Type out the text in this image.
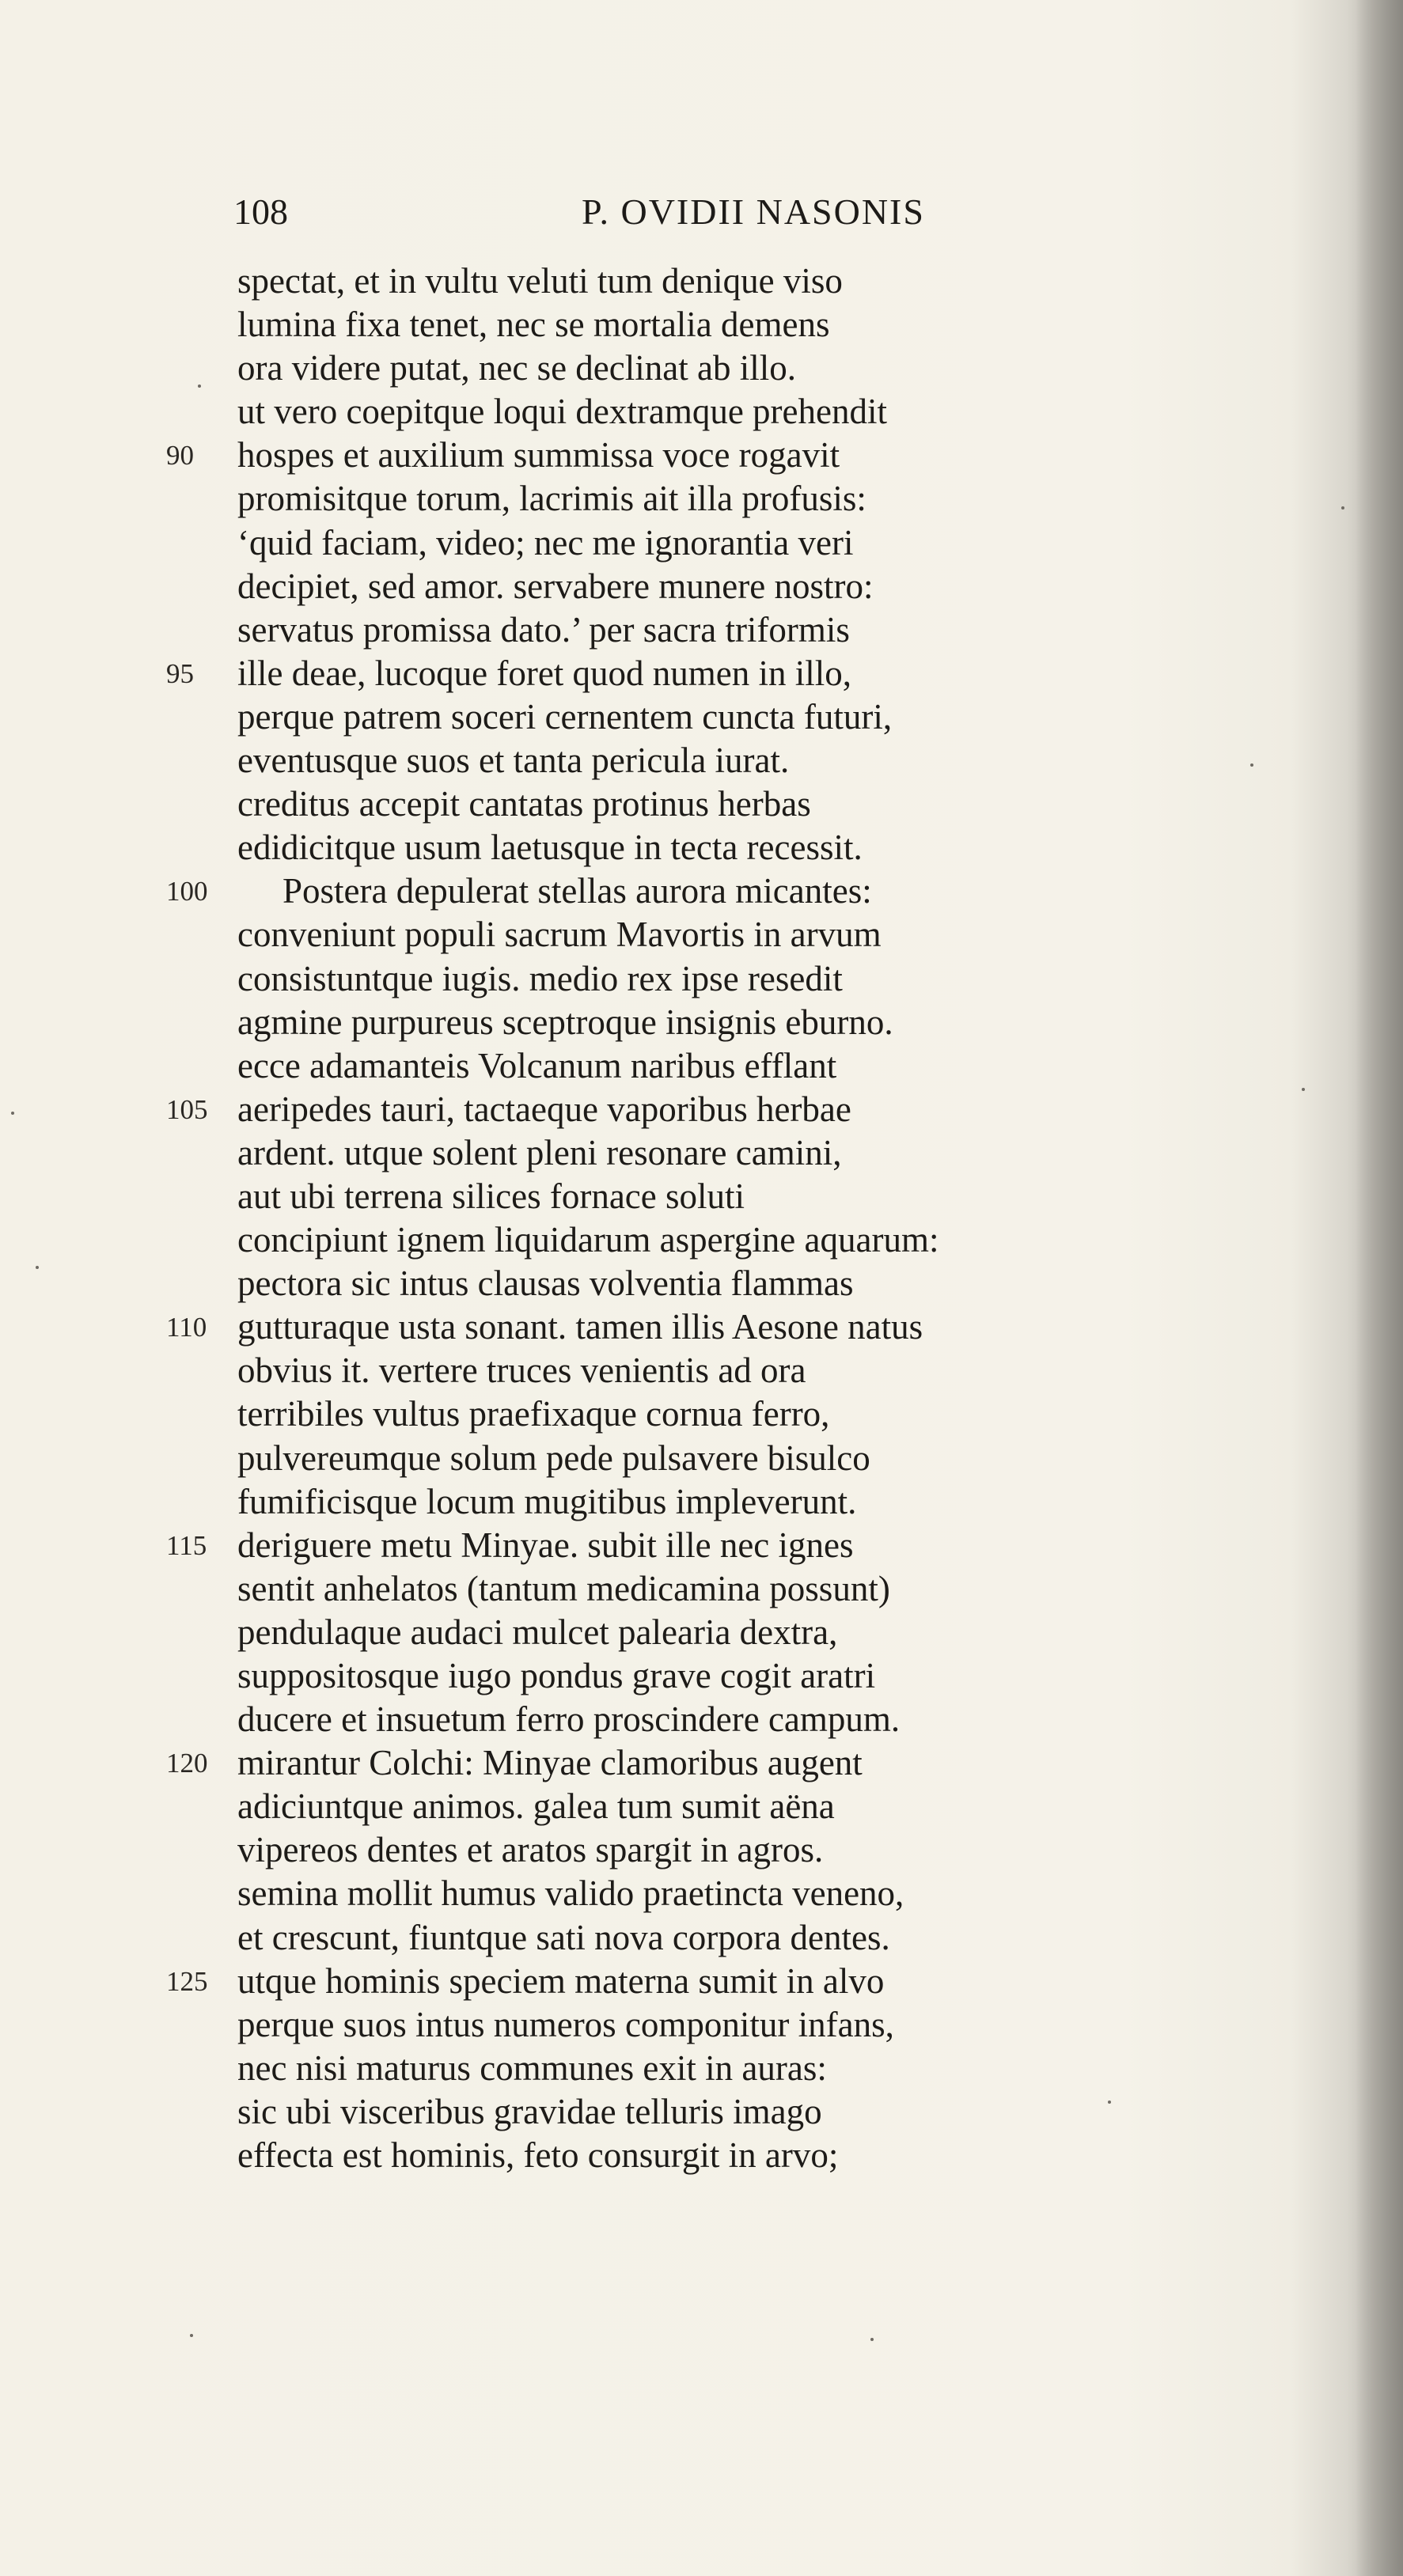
108	P. OVIDII NASONIS
spectat, et in vultu veluti tum denique viso
lumina fixa tenet, nec se mortalia demens
ora videre putat, nec se declinat ab illo.
ut vero coepitque loqui dextramque prehendit
90	hospes et auxilium summissa voce rogavit
promisitque torum, lacrimis ait illa profusis:
‘quid faciam, video; nec me ignorantia veri
decipiet, sed amor. servabere munere nostro:
servatus promissa dato.’ per sacra triformis
95	ille deae, lucoque foret quod numen in illo,
perque patrem soceri cernentem cuncta futuri,
eventusque suos et tanta pericula iurat.
creditus accepit cantatas protinus herbas
edidicitque usum laetusque in tecta recessit.
100	Postera depulerat stellas aurora micantes:
conveniunt populi sacrum Mavortis in arvum
consistuntque iugis. medio rex ipse resedit
agmine purpureus sceptroque insignis eburno.
ecce adamanteis Volcanum naribus efflant
105 aeripedes tauri, tactaeque vaporibus herbae
ardent. utque solent pleni resonare camini,
aut ubi terrena silices fornace soluti
concipiunt ignem liquidarum aspergine aquarum:
pectora sic intus clausas volventia flammas
110 gutturaque usta sonant. tamen illis Aesone natus
obvius it. vertere truces venientis ad ora
terribiles vultus praefixaque cornua ferro,
pulvereumque solum pede pulsavere bisulco
fumificisque locum mugitibus impleverunt.
115 deriguere metu Minyae. subit ille nec ignes
sentit anhelatos (tantum medicamina possunt)
pendulaque audaci mulcet palearia dextra,
suppositosque iugo pondus grave cogit aratri
ducere et insuetum ferro proscindere campum.
120 mirantur Colchi: Minyae clamoribus augent
adiciuntque animos. galea tum sumit aëna
vipereos dentes et aratos spargit in agros.
semina mollit humus valido praetincta veneno,
et crescunt, fiuntque sati nova corpora dentes.
125 utque hominis speciem materna sumit in alvo
perque suos intus numeros componitur infans,
nec nisi maturus communes exit in auras:
sic ubi visceribus gravidae telluris imago
effecta est hominis, feto consurgit in arvo;
